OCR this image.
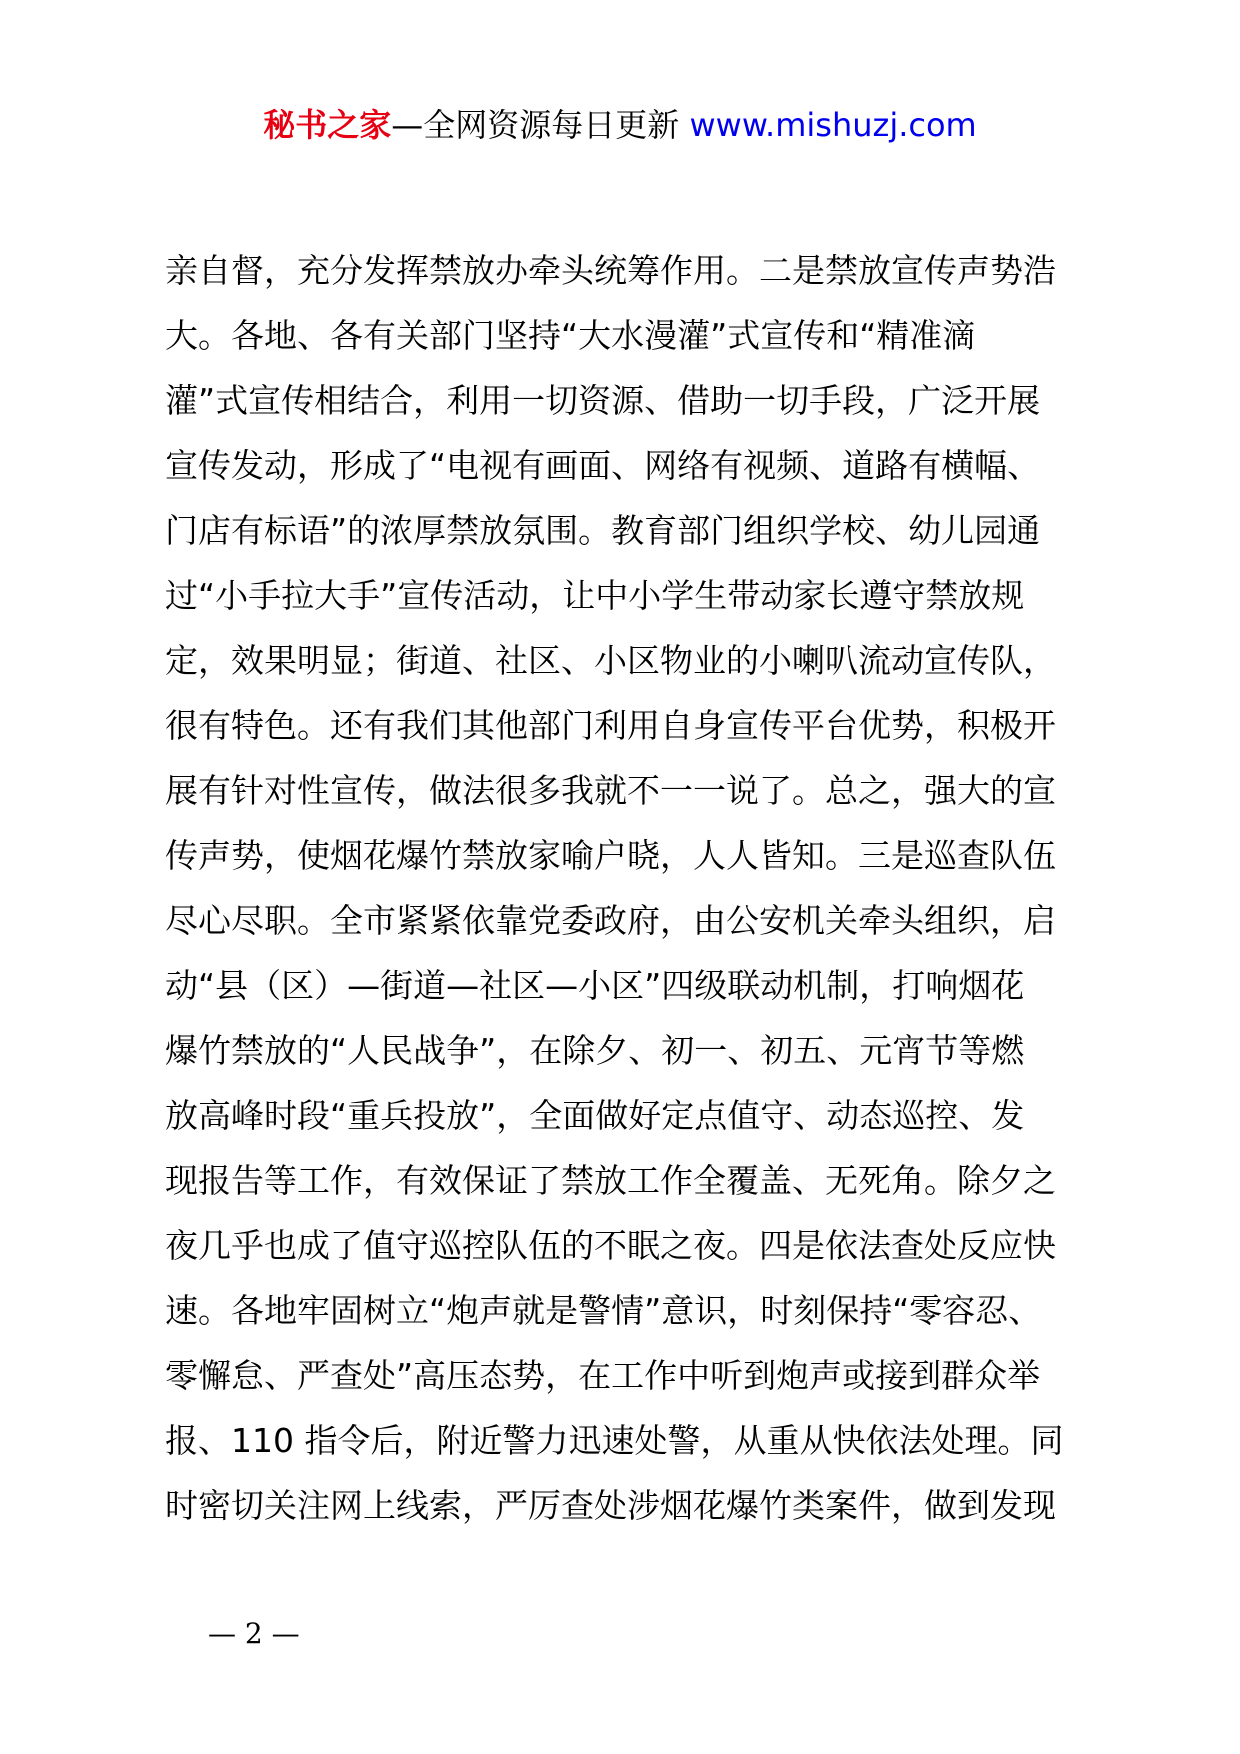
秘书之家—全网资源每日更新 www.mishuzj.com
亲自督，充分发挥禁放办牵头统筹作用。二是禁放宣传声势浩
大。各地、各有关部门坚持“大水漫灌”式宣传和“精准滴
灌”式宣传相结合，利用一切资源、借助一切手段，广泛开展
宣传发动，形成了“电视有画面、网络有视频、道路有横幅、
门店有标语”的浓厚禁放氛围。教育部门组织学校、幼儿园通
过“小手拉大手”宣传活动，让中小学生带动家长遵守禁放规
定，效果明显；街道、社区、小区物业的小喇叭流动宣传队，
很有特色。还有我们其他部门利用自身宣传平台优势，积极开
展有针对性宣传，做法很多我就不一一说了。总之，强大的宣
传声势，使烟花爆竹禁放家喻户晓，人人皆知。三是巡查队伍
尽心尽职。全市紧紧依靠党委政府，由公安机关牵头组织，启
动“县（区）—街道—社区—小区”四级联动机制，打响烟花
爆竹禁放的“人民战争”，在除夕、初一、初五、元宵节等燃
放高峰时段“重兵投放”，全面做好定点值守、动态巡控、发
现报告等工作，有效保证了禁放工作全覆盖、无死角。除夕之
夜几乎也成了值守巡控队伍的不眠之夜。四是依法查处反应快
速。各地牢固树立“炮声就是警情”意识，时刻保持“零容忍、
零懈怠、严查处”高压态势，在工作中听到炮声或接到群众举
报、110 指令后，附近警力迅速处警，从重从快依法处理。同
时密切关注网上线索，严厉查处涉烟花爆竹类案件，做到发现
— 2 —
